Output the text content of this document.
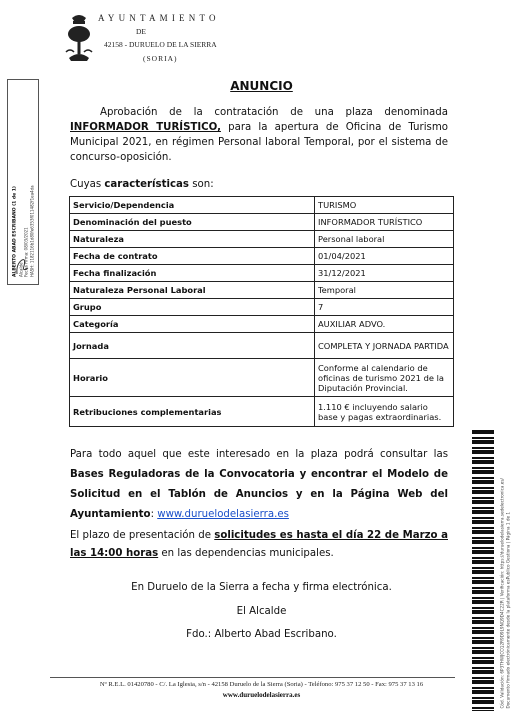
AYUNTAMIENTO
DE
42158 - DURUELO DE LA SIERRA
(SORIA)
ALBERTO ABAD ESCRIBANO (1 de 1)
Alcalde
Fecha Firma: 08/03/2021
HASH: 1182116b1d80fe6353f011482f1ea4da
ANUNCIO
Aprobación de la contratación de una plaza denominada INFORMADOR TURÍSTICO, para la apertura de Oficina de Turismo Municipal 2021, en régimen Personal laboral Temporal, por el sistema de concurso-oposición.
Cuyas características son:
Servicio/Dependencia	TURISMO
Denominación del puesto	INFORMADOR TURÍSTICO
Naturaleza	Personal laboral
Fecha de contrato	01/04/2021
Fecha finalización	31/12/2021
Naturaleza Personal Laboral	Temporal
Grupo	7
Categoría	AUXILIAR ADVO.
Jornada	COMPLETA Y JORNADA PARTIDA
Horario	Conforme al calendario de oficinas de turismo 2021 de la Diputación Provincial.
Retribuciones complementarias	1.110 € incluyendo salario base y pagas extraordinarias.
Para todo aquel que este interesado en la plaza podrá consultar las Bases Reguladoras de la Convocatoria y encontrar el Modelo de Solicitud en el Tablón de Anuncios y en la Página Web del Ayuntamiento: www.duruelodelasierra.es
El plazo de presentación de solicitudes es hasta el día 22 de Marzo a las 14:00 horas en las dependencias municipales.
En Duruelo de la Sierra a fecha y firma electrónica.
El Alcalde
Fdo.: Alberto Abad Escribano.
Nº R.E.L. 01420780 - C/. La Iglesia, s/n - 42158 Duruelo de la Sierra (Soria) - Teléfono: 975 37 12 50 - Fax: 975 37 13 16
www.duruelodelasierra.es	Cód. Validación: 6P3THWJCCQ2R9D9L9NQ9D4C22R | Verificación: https://duruelodelasierra.sedelectronica.es/
Documento firmado electrónicamente desde la plataforma esPublico Gestiona | Página 1 de 1
